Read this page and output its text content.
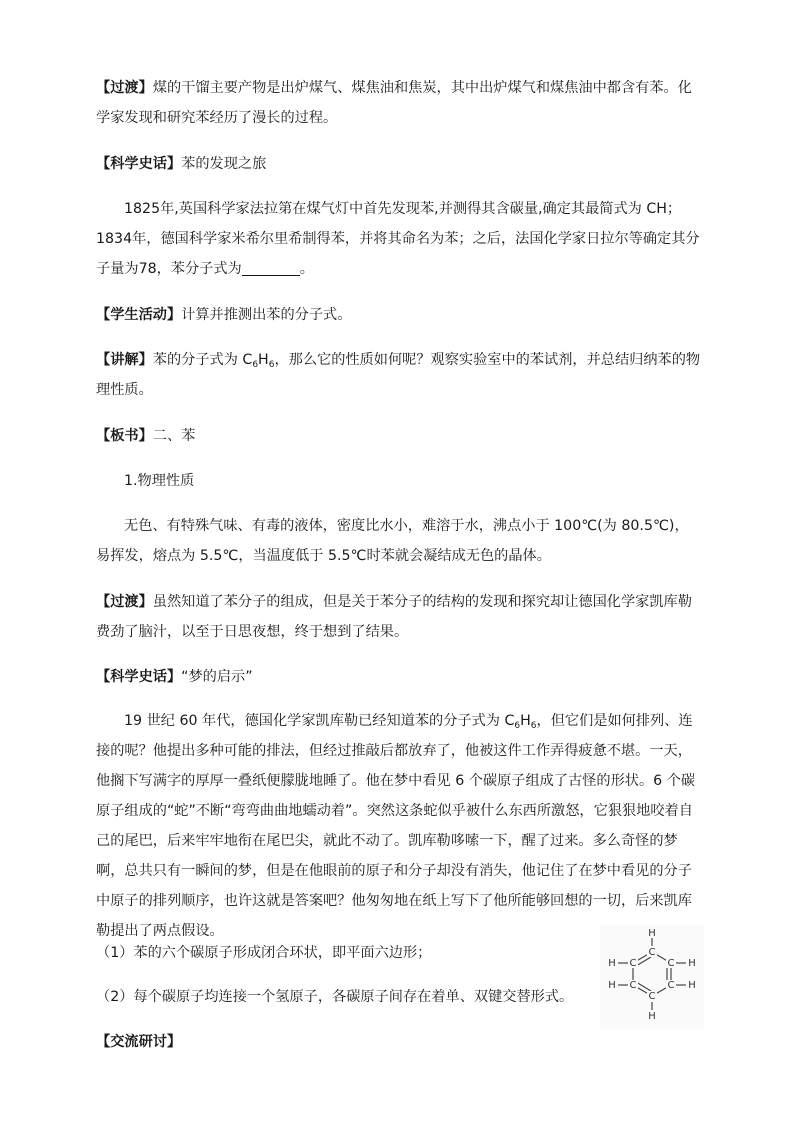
【过渡】煤的干馏主要产物是出炉煤气、煤焦油和焦炭，其中出炉煤气和煤焦油中都含有苯。化学家发现和研究苯经历了漫长的过程。

【科学史话】苯的发现之旅

1825年,英国科学家法拉第在煤气灯中首先发现苯,并测得其含碳量,确定其最简式为 CH；1834年，德国科学家米希尔里希制得苯，并将其命名为苯；之后，法国化学家日拉尔等确定其分子量为78，苯分子式为	。

【学生活动】计算并推测出苯的分子式。

【讲解】苯的分子式为 $C_6H_6$，那么它的性质如何呢？观察实验室中的苯试剂，并总结归纳苯的物理性质。

【板书】二、苯

1.物理性质

无色、有特殊气味、有毒的液体，密度比水小，难溶于水，沸点小于 100℃(为 80.5℃)，易挥发，熔点为 5.5℃，当温度低于 5.5℃时苯就会凝结成无色的晶体。

【过渡】虽然知道了苯分子的组成，但是关于苯分子的结构的发现和探究却让德国化学家凯库勒费劲了脑汁，以至于日思夜想，终于想到了结果。

【科学史话】“梦的启示”

19 世纪 60 年代，德国化学家凯库勒已经知道苯的分子式为 $C_6H_6$，但它们是如何排列、连接的呢？他提出多种可能的排法，但经过推敲后都放弃了，他被这件工作弄得疲惫不堪。一天，他搁下写满字的厚厚一叠纸便朦胧地睡了。他在梦中看见 6 个碳原子组成了古怪的形状。6 个碳原子组成的“蛇”不断“弯弯曲曲地蠕动着”。突然这条蛇似乎被什么东西所激怒，它狠狠地咬着自己的尾巴，后来牢牢地衔在尾巴尖，就此不动了。凯库勒哆嗦一下，醒了过来。多么奇怪的梦啊，总共只有一瞬间的梦，但是在他眼前的原子和分子却没有消失，他记住了在梦中看见的分子中原子的排列顺序，也许这就是答案吧？他匆匆地在纸上写下了他所能够回想的一切，后来凯库勒提出了两点假设。

（1）苯的六个碳原子形成闭合环状，即平面六边形；

（2）每个碳原子均连接一个氢原子，各碳原子间存在着单、双键交替形式。

【交流研讨】

C
C
C
C
C
C
H
H
H
H
H
H
